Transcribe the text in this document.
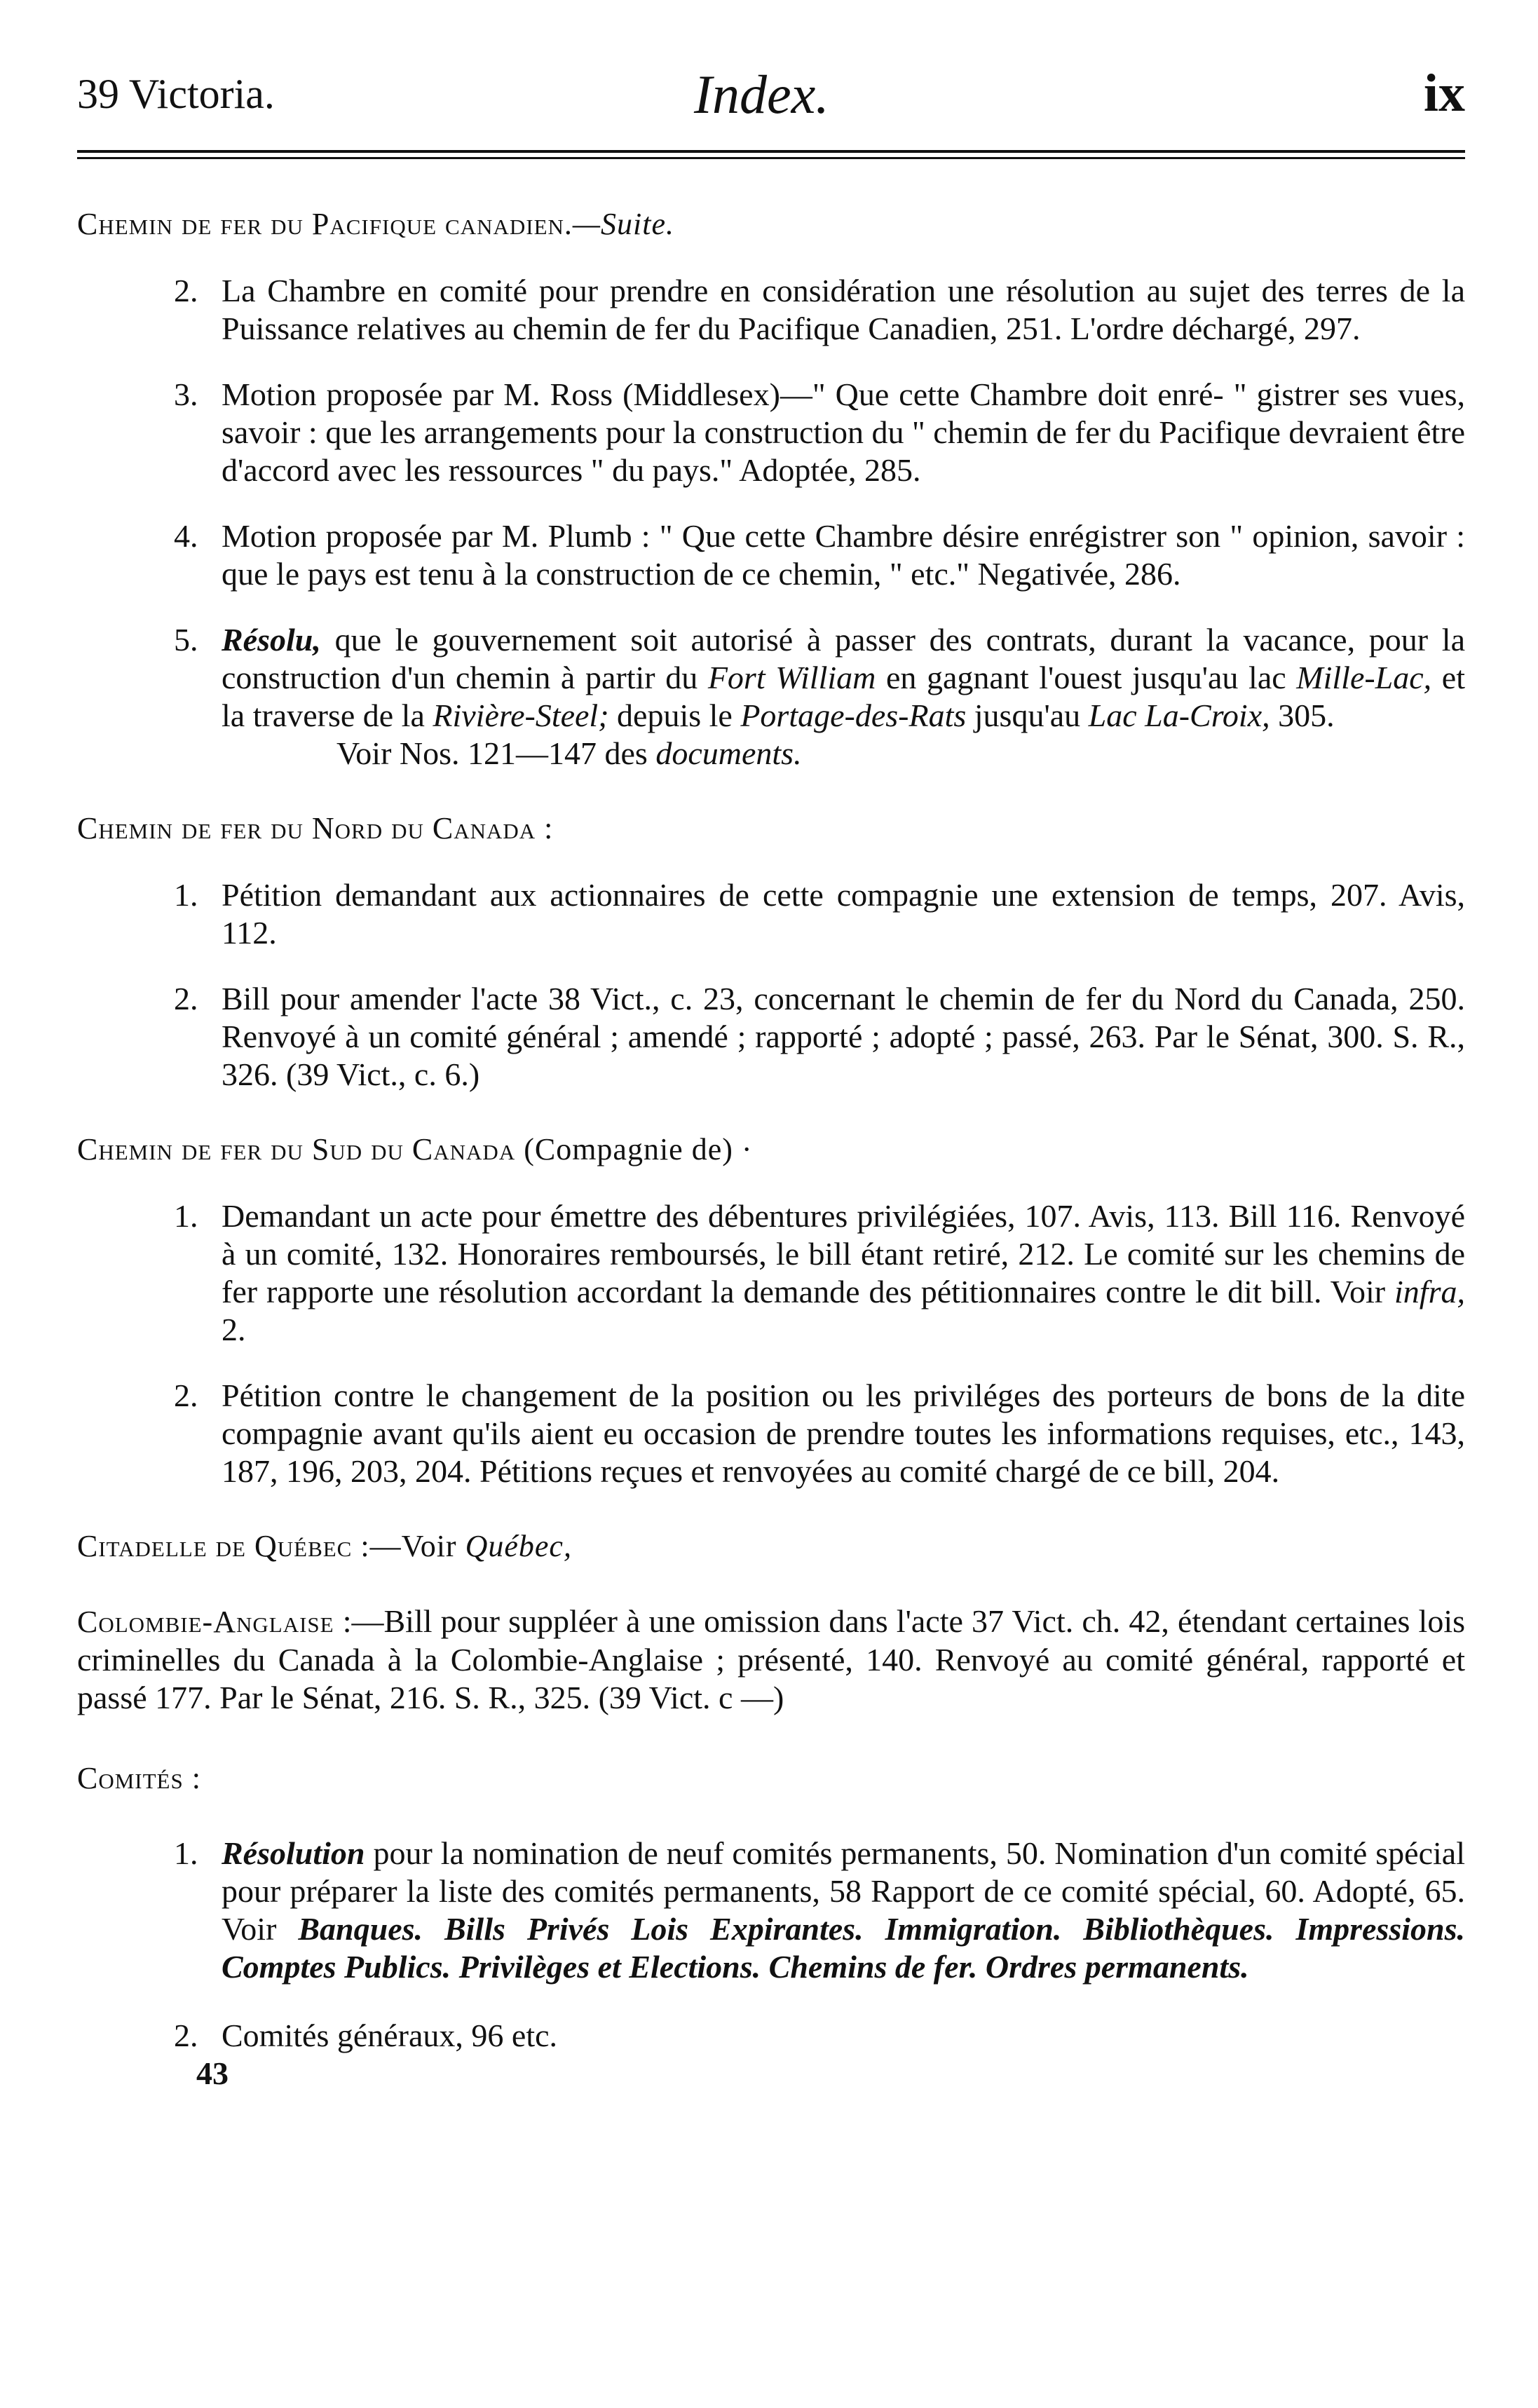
39 Victoria.	Index.	ix
Chemin de fer du Pacifique canadien.—Suite.
2. La Chambre en comité pour prendre en considération une résolution au sujet des terres de la Puissance relatives au chemin de fer du Pacifique Canadien, 251. L'ordre déchargé, 297.
3. Motion proposée par M. Ross (Middlesex)—" Que cette Chambre doit enré- " gistrer ses vues, savoir : que les arrangements pour la construction du " chemin de fer du Pacifique devraient être d'accord avec les ressources " du pays." Adoptée, 285.
4. Motion proposée par M. Plumb : " Que cette Chambre désire enrégistrer son " opinion, savoir : que le pays est tenu à la construction de ce chemin, " etc." Negativée, 286.
5. Résolu, que le gouvernement soit autorisé à passer des contrats, durant la vacance, pour la construction d'un chemin à partir du Fort William en gagnant l'ouest jusqu'au lac Mille-Lac, et la traverse de la Rivière-Steel; depuis le Portage-des-Rats jusqu'au Lac La-Croix, 305.
Voir Nos. 121—147 des documents.
Chemin de fer du Nord du Canada :
1. Pétition demandant aux actionnaires de cette compagnie une extension de temps, 207. Avis, 112.
2. Bill pour amender l'acte 38 Vict., c. 23, concernant le chemin de fer du Nord du Canada, 250. Renvoyé à un comité général ; amendé ; rapporté ; adopté ; passé, 263. Par le Sénat, 300. S. R., 326. (39 Vict., c. 6.)
Chemin de fer du Sud du Canada (Compagnie de) ·
1. Demandant un acte pour émettre des débentures privilégiées, 107. Avis, 113. Bill 116. Renvoyé à un comité, 132. Honoraires remboursés, le bill étant retiré, 212. Le comité sur les chemins de fer rapporte une résolution accordant la demande des pétitionnaires contre le dit bill. Voir infra, 2.
2. Pétition contre le changement de la position ou les priviléges des porteurs de bons de la dite compagnie avant qu'ils aient eu occasion de prendre toutes les informations requises, etc., 143, 187, 196, 203, 204. Pétitions reçues et renvoyées au comité chargé de ce bill, 204.
Citadelle de Québec :—Voir Québec,
Colombie-Anglaise :—Bill pour suppléer à une omission dans l'acte 37 Vict. ch. 42, étendant certaines lois criminelles du Canada à la Colombie-Anglaise ; présenté, 140. Renvoyé au comité général, rapporté et passé 177. Par le Sénat, 216. S. R., 325. (39 Vict. c —)
Comités :
1. Résolution pour la nomination de neuf comités permanents, 50. Nomination d'un comité spécial pour préparer la liste des comités permanents, 58 Rapport de ce comité spécial, 60. Adopté, 65. Voir Banques. Bills Privés Lois Expirantes. Immigration. Bibliothèques. Impressions. Comptes Publics. Privilèges et Elections. Chemins de fer. Ordres permanents.
2. Comités généraux, 96 etc.
43
